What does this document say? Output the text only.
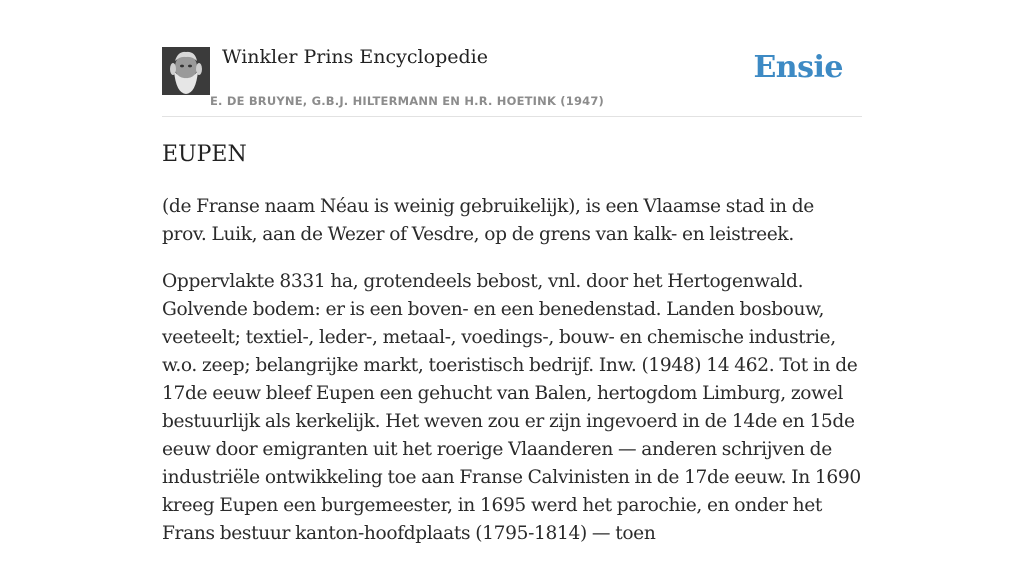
Winkler Prins Encyclopedie
E. DE BRUYNE, G.B.J. HILTERMANN EN H.R. HOETINK (1947)
Ensie
EUPEN

(de Franse naam Néau is weinig gebruikelijk), is een Vlaamse stad in de prov. Luik, aan de Wezer of Vesdre, op de grens van kalk- en leistreek.

Oppervlakte 8331 ha, grotendeels bebost, vnl. door het Hertogenwald. Golvende bodem: er is een boven- en een benedenstad. Landen bosbouw, veeteelt; textiel-, leder-, metaal-, voedings-, bouw- en chemische industrie, w.o. zeep; belangrijke markt, toeristisch bedrijf. Inw. (1948) 14 462. Tot in de 17de eeuw bleef Eupen een gehucht van Balen, hertogdom Limburg, zowel bestuurlijk als kerkelijk. Het weven zou er zijn ingevoerd in de 14de en 15de eeuw door emigranten uit het roerige Vlaanderen — anderen schrijven de industriële ontwikkeling toe aan Franse Calvinisten in de 17de eeuw. In 1690 kreeg Eupen een burgemeester, in 1695 werd het parochie, en onder het Frans bestuur kanton-hoofdplaats (1795-1814) — toen
